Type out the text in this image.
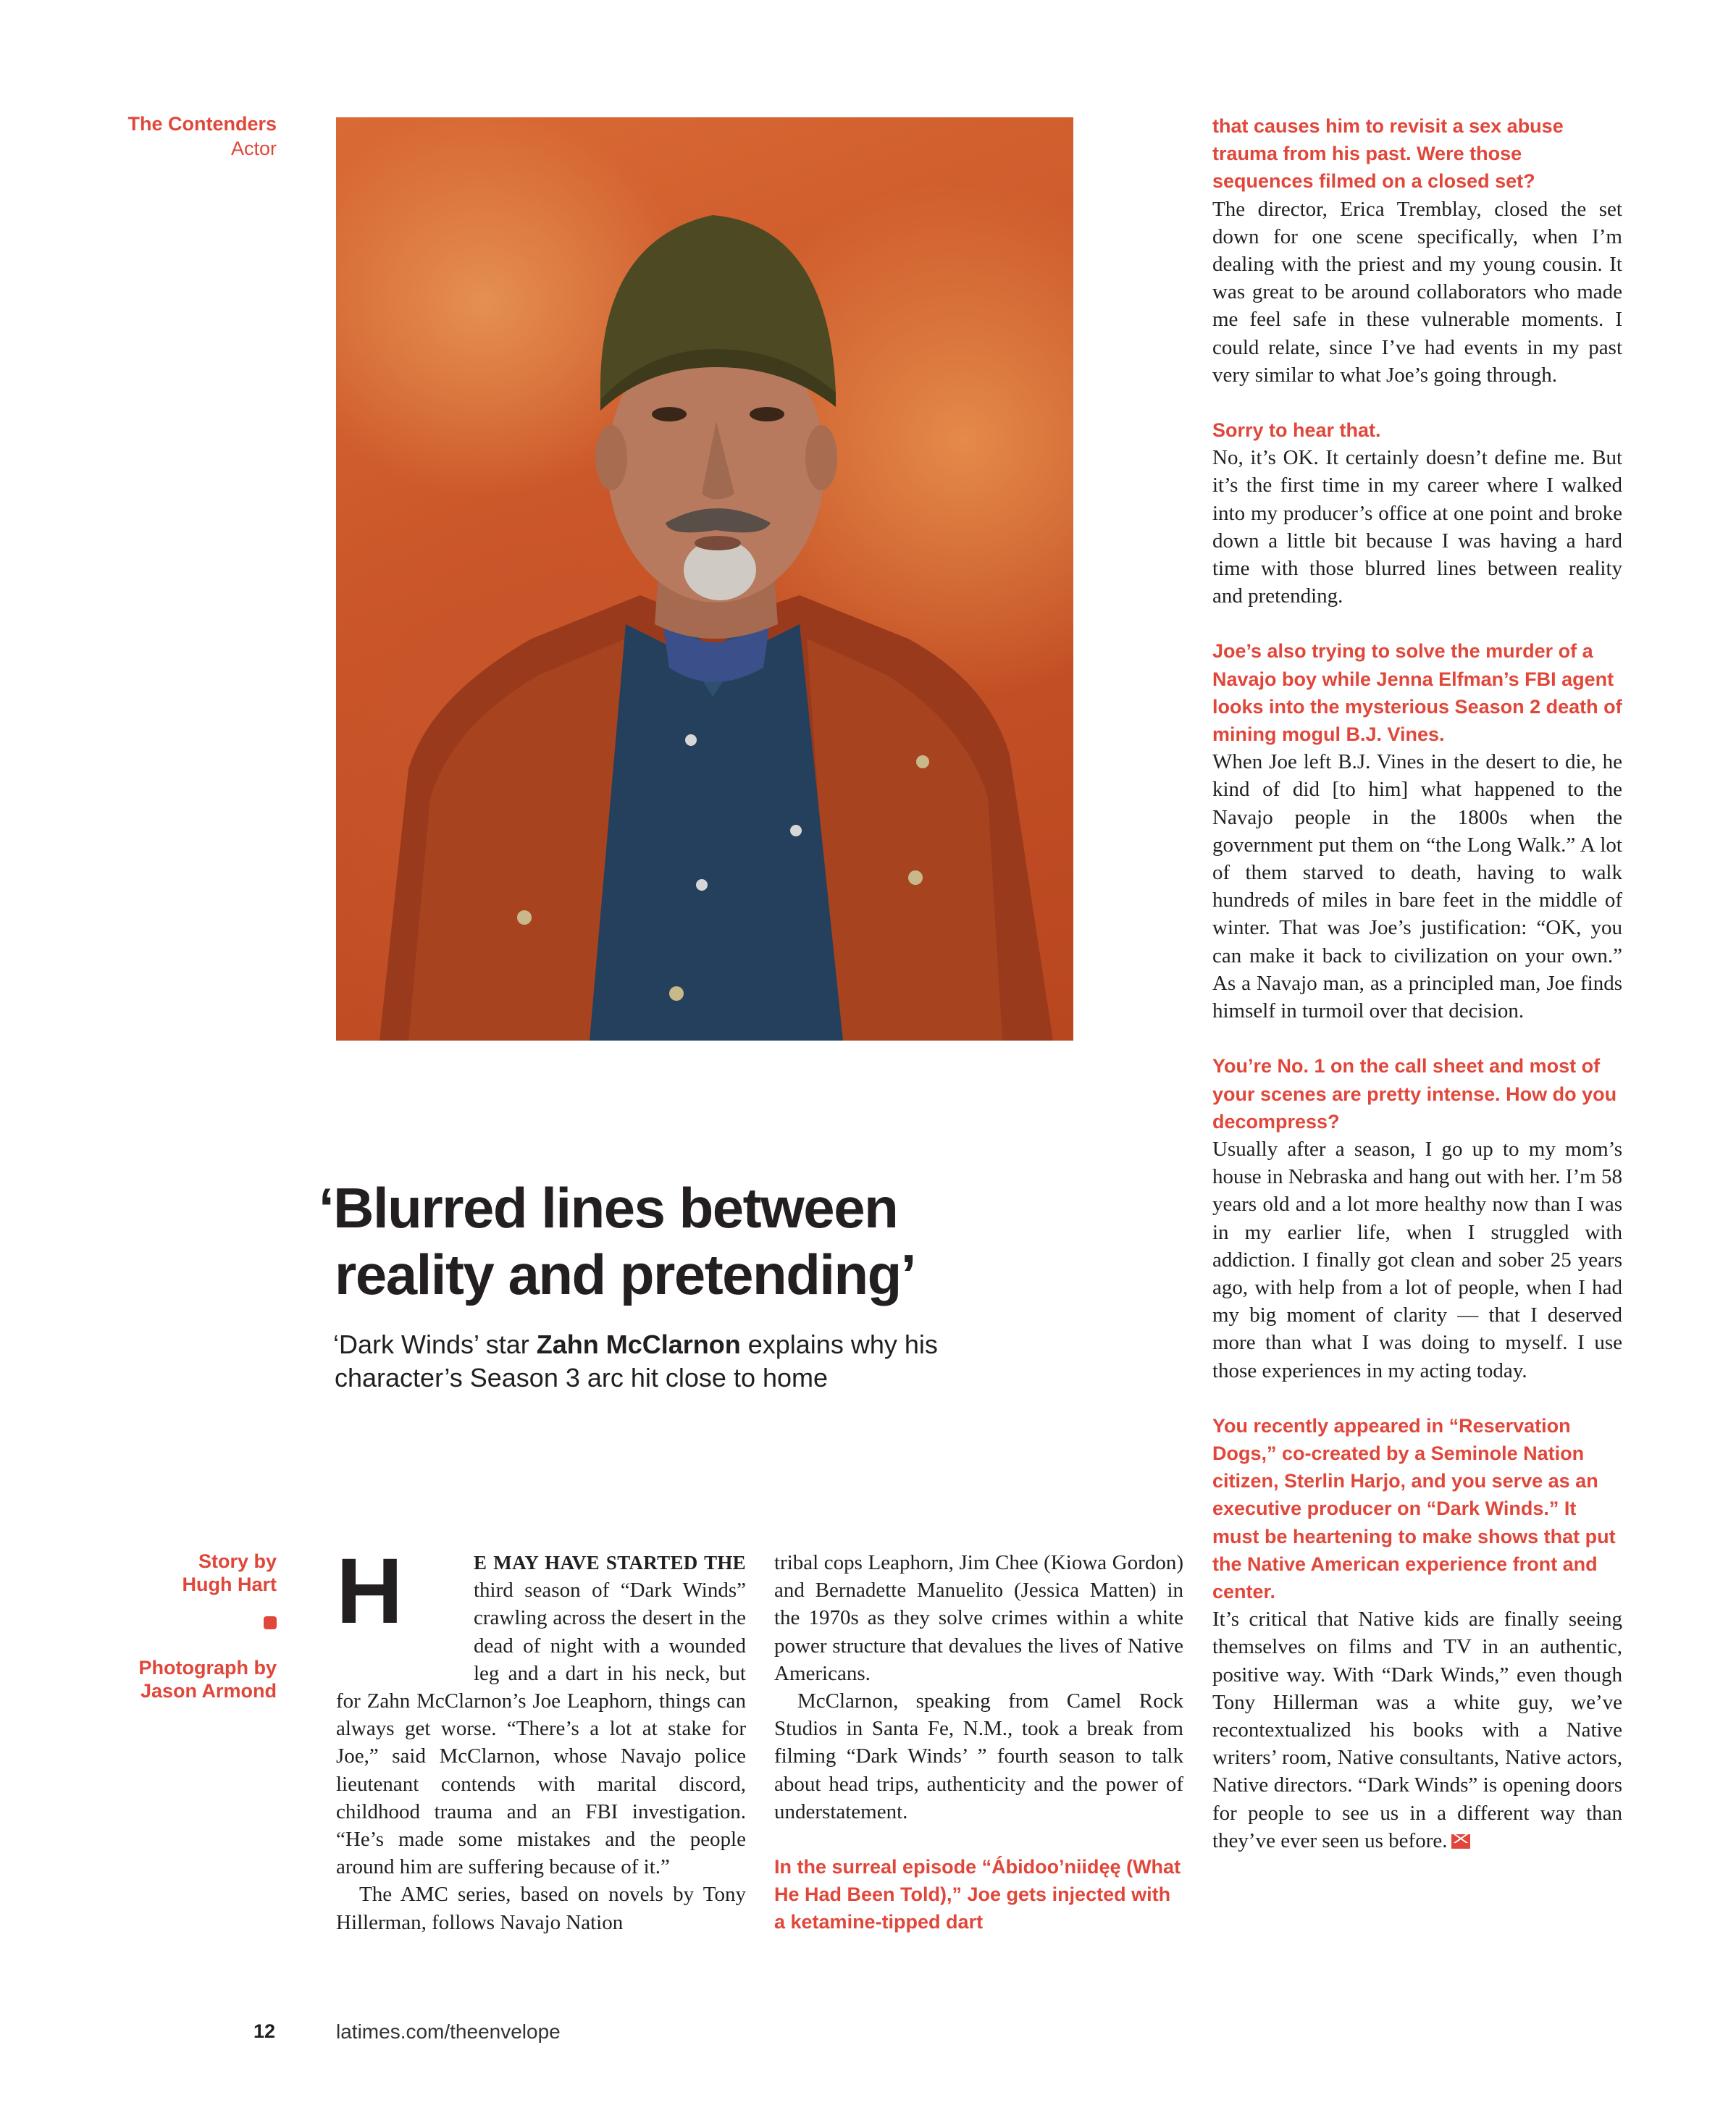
The Contenders
Actor
‘Blurred lines between
reality and pretending’

‘Dark Winds’ star Zahn McClarnon explains why his
character’s Season 3 arc hit close to home

Story by
Hugh Hart
Photograph by
Jason Armond
H	E MAY HAVE STARTED THE third season of “Dark Winds” crawling across the desert in the dead of night with a wounded leg and a dart in his neck, but for Zahn McClarnon’s Joe Leaphorn, things can always get worse. “There’s a lot at stake for Joe,” said McClarnon, whose Navajo police lieutenant contends with marital discord, childhood trauma and an FBI investigation. “He’s made some mistakes and the people around him are suffering because of it.”

The AMC series, based on novels by Tony Hillerman, follows Navajo Nation

tribal cops Leaphorn, Jim Chee (Kiowa Gordon) and Bernadette Manuelito (Jessica Matten) in the 1970s as they solve crimes within a white power structure that devalues the lives of Native Americans.

McClarnon, speaking from Camel Rock Studios in Santa Fe, N.M., took a break from filming “Dark Winds’ ” fourth season to talk about head trips, authenticity and the power of understatement.

In the surreal episode “Ábidoo’niidęę (What He Had Been Told),” Joe gets injected with a ketamine-tipped dart

that causes him to revisit a sex abuse trauma from his past. Were those sequences filmed on a closed set?

The director, Erica Tremblay, closed the set down for one scene specifically, when I’m dealing with the priest and my young cousin. It was great to be around collaborators who made me feel safe in these vulnerable moments. I could relate, since I’ve had events in my past very similar to what Joe’s going through.

Sorry to hear that.

No, it’s OK. It certainly doesn’t define me. But it’s the first time in my career where I walked into my producer’s office at one point and broke down a little bit because I was having a hard time with those blurred lines between reality and pretending.

Joe’s also trying to solve the murder of a Navajo boy while Jenna Elfman’s FBI agent looks into the mysterious Season 2 death of mining mogul B.J. Vines.

When Joe left B.J. Vines in the desert to die, he kind of did [to him] what happened to the Navajo people in the 1800s when the government put them on “the Long Walk.” A lot of them starved to death, having to walk hundreds of miles in bare feet in the middle of winter. That was Joe’s justification: “OK, you can make it back to civilization on your own.” As a Navajo man, as a principled man, Joe finds himself in turmoil over that decision.

You’re No. 1 on the call sheet and most of your scenes are pretty intense. How do you decompress?

Usually after a season, I go up to my mom’s house in Nebraska and hang out with her. I’m 58 years old and a lot more healthy now than I was in my earlier life, when I struggled with addiction. I finally got clean and sober 25 years ago, with help from a lot of people, when I had my big moment of clarity — that I deserved more than what I was doing to myself. I use those experiences in my acting today.

You recently appeared in “Reservation Dogs,” co-created by a Seminole Nation citizen, Sterlin Harjo, and you serve as an executive producer on “Dark Winds.” It must be heartening to make shows that put the Native American experience front and center.

It’s critical that Native kids are finally seeing themselves on films and TV in an authentic, positive way. With “Dark Winds,” even though Tony Hillerman was a white guy, we’ve recontextualized his books with a Native writers’ room, Native consultants, Native actors, Native directors. “Dark Winds” is opening doors for people to see us in a different way than they’ve ever seen us before.

12	latimes.com/theenvelope
